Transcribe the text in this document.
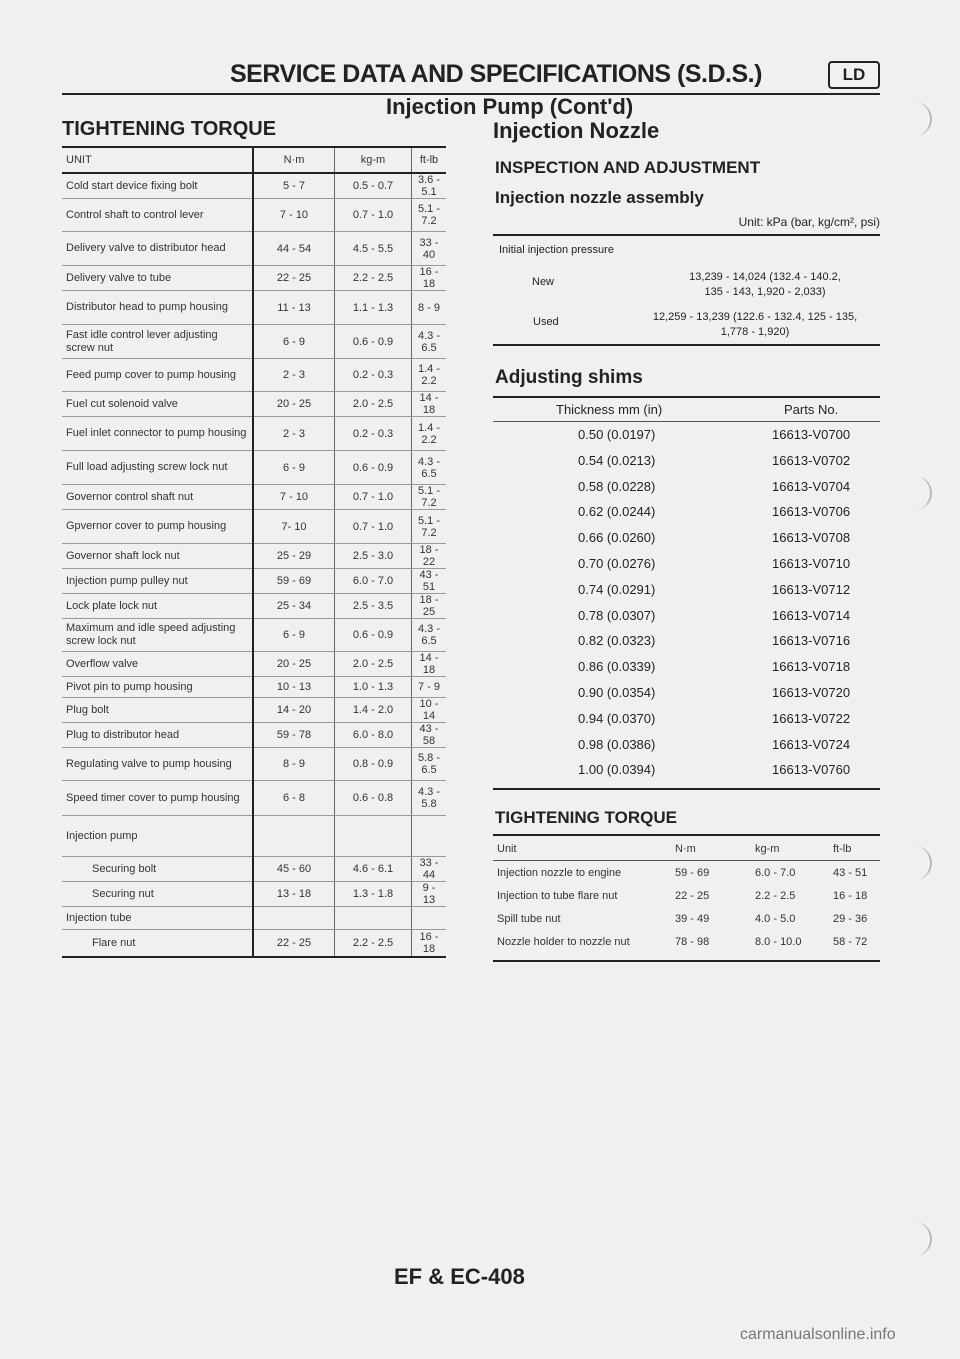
SERVICE DATA AND SPECIFICATIONS (S.D.S.)	LD
Injection Pump (Cont'd)
TIGHTENING TORQUE
UNIT	N·m	kg-m	ft-lb
Cold start device fixing bolt	5 - 7	0.5 - 0.7	3.6 - 5.1
Control shaft to control lever	7 - 10	0.7 - 1.0	5.1 - 7.2
Delivery valve to distributor head	44 - 54	4.5 - 5.5	33 - 40
Delivery valve to tube	22 - 25	2.2 - 2.5	16 - 18
Distributor head to pump housing	11 - 13	1.1 - 1.3	8 - 9
Fast idle control lever adjusting screw nut	6 - 9	0.6 - 0.9	4.3 - 6.5
Feed pump cover to pump housing	2 - 3	0.2 - 0.3	1.4 - 2.2
Fuel cut solenoid valve	20 - 25	2.0 - 2.5	14 - 18
Fuel inlet connector to pump housing	2 - 3	0.2 - 0.3	1.4 - 2.2
Full load adjusting screw lock nut	6 - 9	0.6 - 0.9	4.3 - 6.5
Governor control shaft nut	7 - 10	0.7 - 1.0	5.1 - 7.2
Gpvernor cover to pump housing	7- 10	0.7 - 1.0	5.1 - 7.2
Governor shaft lock nut	25 - 29	2.5 - 3.0	18 - 22
Injection pump pulley nut	59 - 69	6.0 - 7.0	43 - 51
Lock plate lock nut	25 - 34	2.5 - 3.5	18 - 25
Maximum and idle speed adjusting screw lock nut	6 - 9	0.6 - 0.9	4.3 - 6.5
Overflow valve	20 - 25	2.0 - 2.5	14 - 18
Pivot pin to pump housing	10 - 13	1.0 - 1.3	7 - 9
Plug bolt	14 - 20	1.4 - 2.0	10 - 14
Plug to distributor head	59 - 78	6.0 - 8.0	43 - 58
Regulating valve to pump housing	8 - 9	0.8 - 0.9	5.8 - 6.5
Speed timer cover to pump housing	6 - 8	0.6 - 0.8	4.3 - 5.8
Injection pump			
Securing bolt	45 - 60	4.6 - 6.1	33 - 44
Securing nut	13 - 18	1.3 - 1.8	9 - 13
Injection tube			
Flare nut	22 - 25	2.2 - 2.5	16 - 18
Injection Nozzle
INSPECTION AND ADJUSTMENT
Injection nozzle assembly
Unit: kPa (bar, kg/cm², psi)
Initial injection pressure
New	13,239 - 14,024 (132.4 - 140.2,
135 - 143, 1,920 - 2,033)
Used	12,259 - 13,239 (122.6 - 132.4, 125 - 135,
1,778 - 1,920)
Adjusting shims
Thickness mm (in)	Parts No.
0.50 (0.0197)	16613-V0700
0.54 (0.0213)	16613-V0702
0.58 (0.0228)	16613-V0704
0.62 (0.0244)	16613-V0706
0.66 (0.0260)	16613-V0708
0.70 (0.0276)	16613-V0710
0.74 (0.0291)	16613-V0712
0.78 (0.0307)	16613-V0714
0.82 (0.0323)	16613-V0716
0.86 (0.0339)	16613-V0718
0.90 (0.0354)	16613-V0720
0.94 (0.0370)	16613-V0722
0.98 (0.0386)	16613-V0724
1.00 (0.0394)	16613-V0760
TIGHTENING TORQUE
Unit	N·m	kg-m	ft-lb
Injection nozzle to engine	59 - 69	6.0 - 7.0	43 - 51
Injection to tube flare nut	22 - 25	2.2 - 2.5	16 - 18
Spill tube nut	39 - 49	4.0 - 5.0	29 - 36
Nozzle holder to nozzle nut	78 - 98	8.0 - 10.0	58 - 72
EF & EC-408
carmanualsonline.info
